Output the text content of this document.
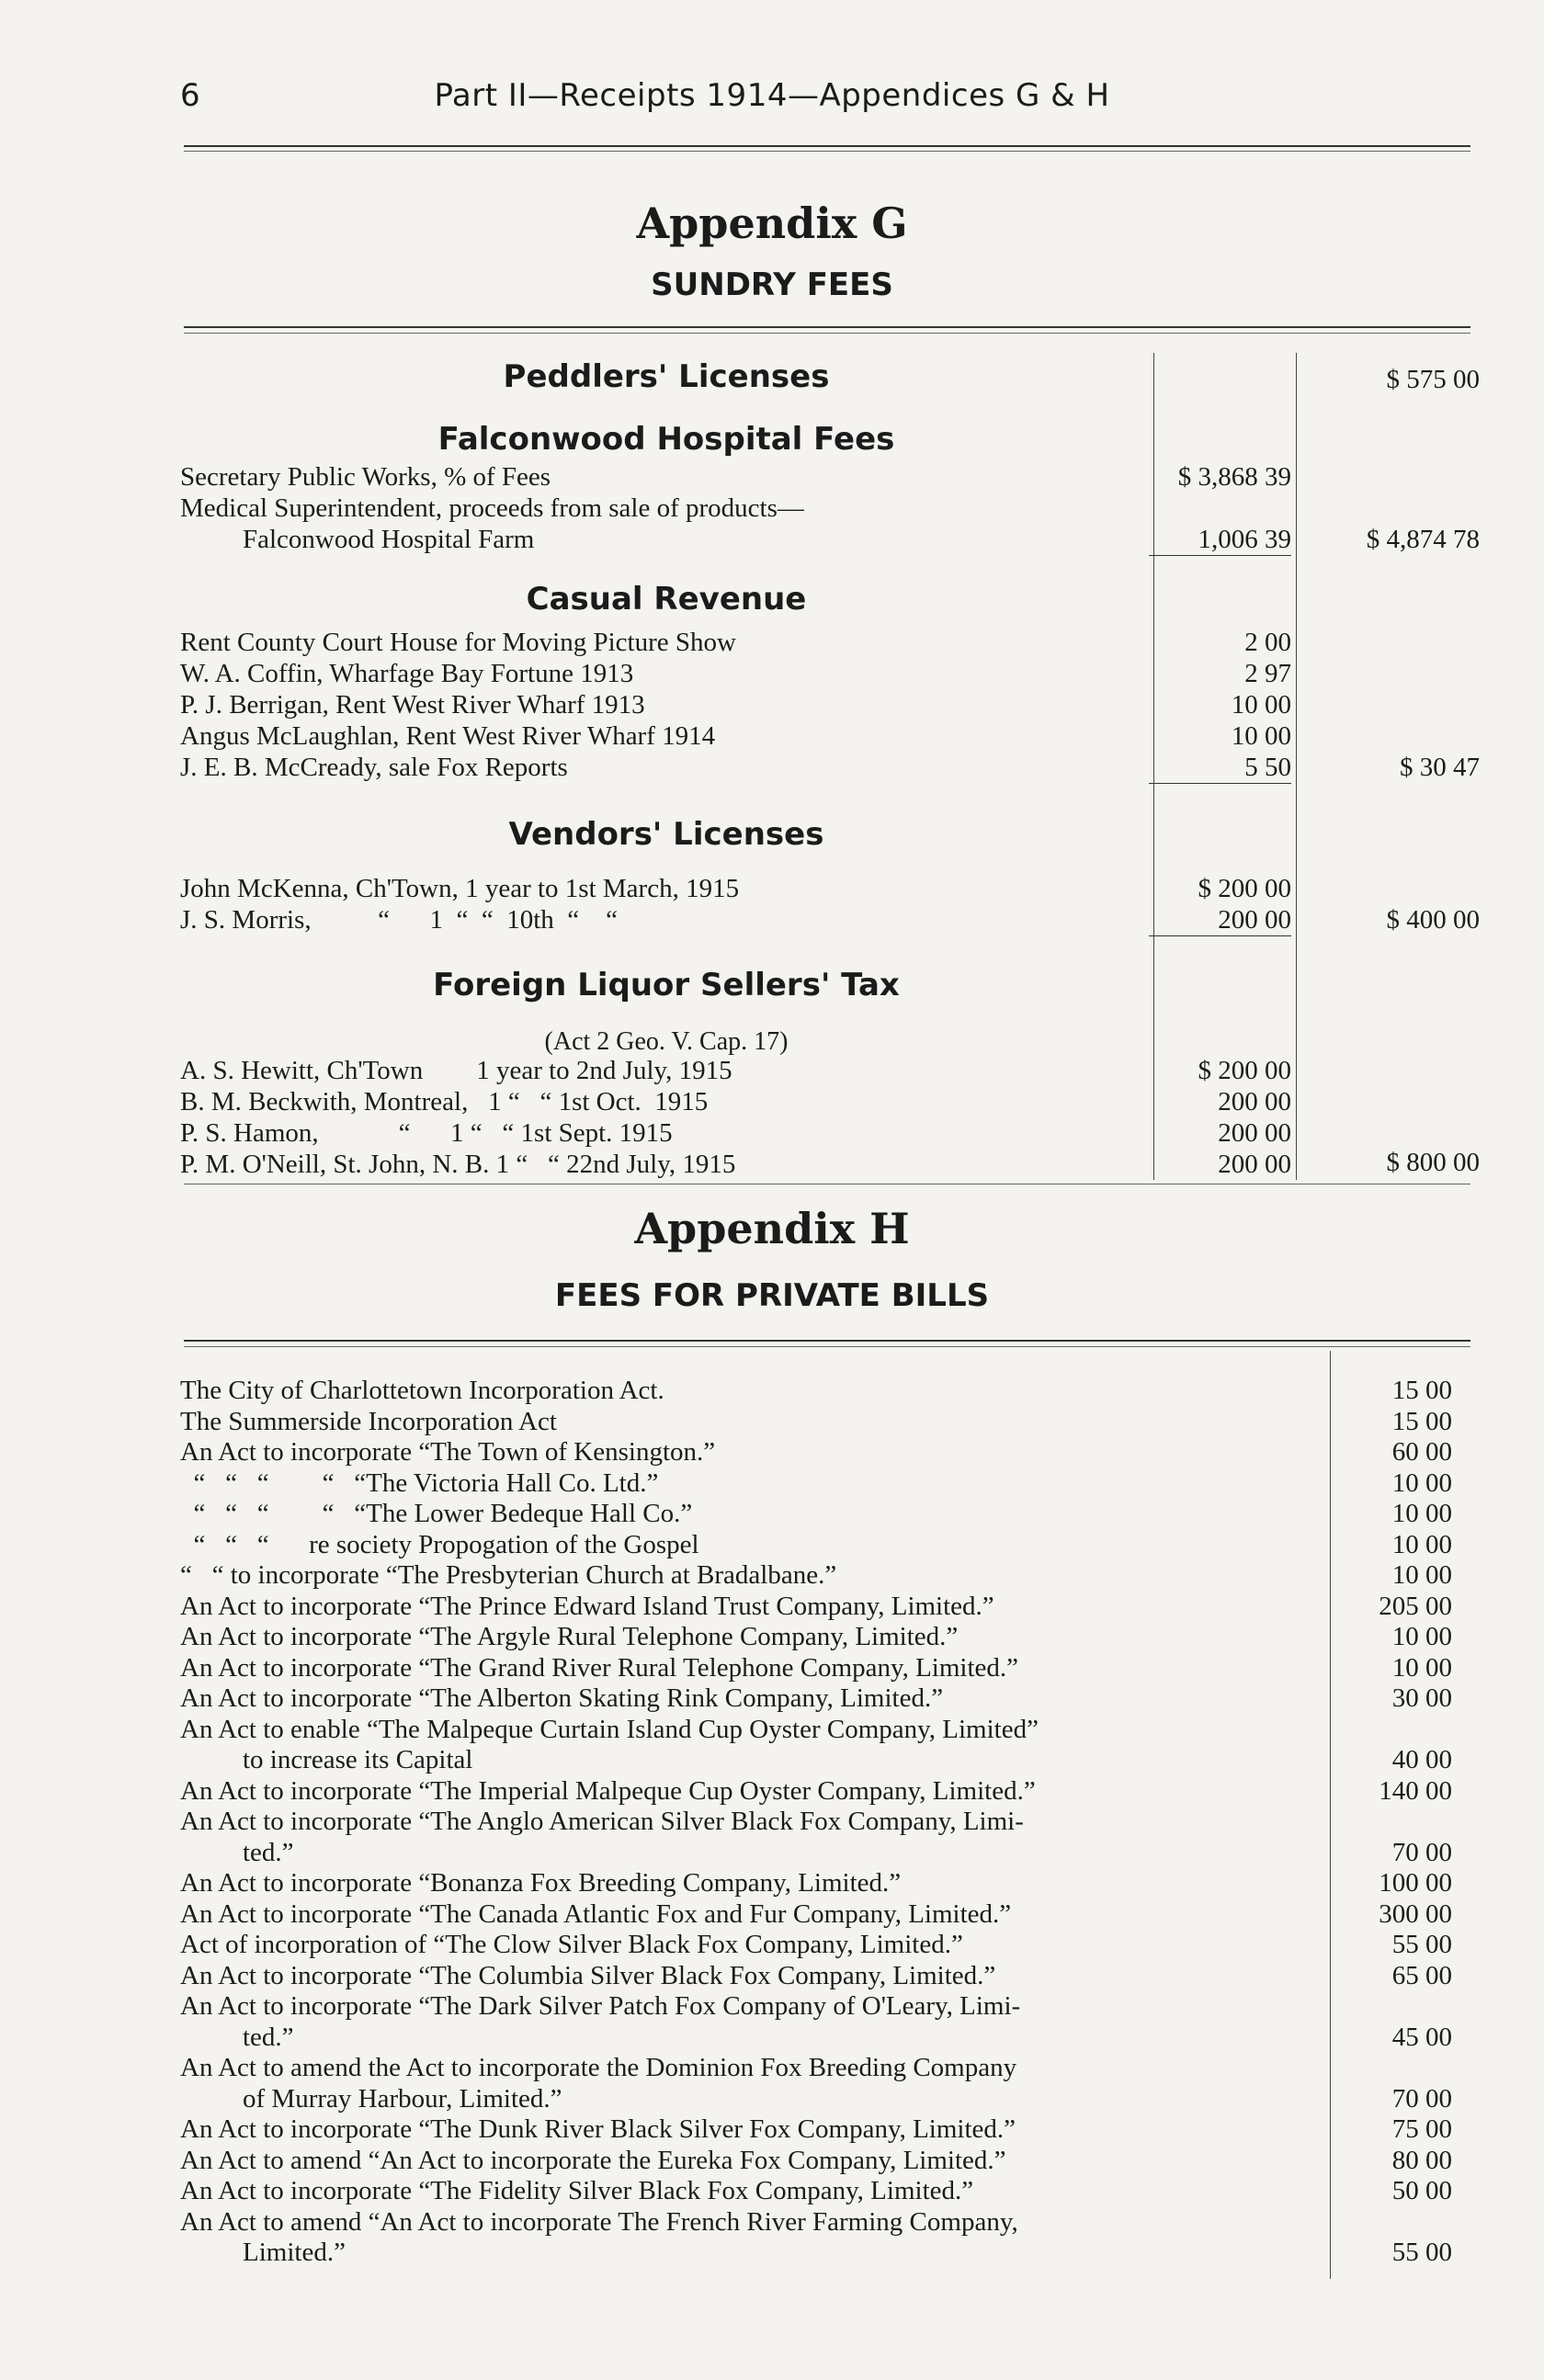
6	Part II—Receipts 1914—Appendices G & H
Appendix G
SUNDRY FEES
Peddlers' Licenses	$ 575 00
Falconwood Hospital Fees
Secretary Public Works, % of Fees	$ 3,868 39
Medical Superintendent, proceeds from sale of products—
Falconwood Hospital Farm	1,006 39	$ 4,874 78
Casual Revenue
Rent County Court House for Moving Picture Show	2 00
W. A. Coffin, Wharfage Bay Fortune 1913	2 97
P. J. Berrigan, Rent West River Wharf 1913	10 00
Angus McLaughlan, Rent West River Wharf 1914	10 00
J. E. B. McCready, sale Fox Reports	5 50	$ 30 47
Vendors' Licenses
John McKenna, Ch'Town, 1 year to 1st March, 1915	$ 200 00
J. S. Morris,          “      1  “  “  10th  “    “	200 00	$ 400 00
Foreign Liquor Sellers' Tax
(Act 2 Geo. V. Cap. 17)
A. S. Hewitt, Ch'Town        1 year to 2nd July, 1915	$ 200 00
B. M. Beckwith, Montreal,   1 “   “ 1st Oct.  1915	200 00
P. S. Hamon,            “      1 “   “ 1st Sept. 1915	200 00
P. M. O'Neill, St. John, N. B. 1 “   “ 22nd July, 1915	200 00	$ 800 00
Appendix H
FEES FOR PRIVATE BILLS
The City of Charlottetown Incorporation Act.	15 00
The Summerside Incorporation Act	15 00
An Act to incorporate “The Town of Kensington.”	60 00
“   “   “        “   “The Victoria Hall Co. Ltd.”	10 00
“   “   “        “   “The Lower Bedeque Hall Co.”	10 00
“   “   “      re society Propogation of the Gospel	10 00
“   “ to incorporate “The Presbyterian Church at Bradalbane.”	10 00
An Act to incorporate “The Prince Edward Island Trust Company, Limited.”	205 00
An Act to incorporate “The Argyle Rural Telephone Company, Limited.”	10 00
An Act to incorporate “The Grand River Rural Telephone Company, Limited.”	10 00
An Act to incorporate “The Alberton Skating Rink Company, Limited.”	30 00
An Act to enable “The Malpeque Curtain Island Cup Oyster Company, Limited”
to increase its Capital	40 00
An Act to incorporate “The Imperial Malpeque Cup Oyster Company, Limited.”	140 00
An Act to incorporate “The Anglo American Silver Black Fox Company, Limi-
ted.”	70 00
An Act to incorporate “Bonanza Fox Breeding Company, Limited.”	100 00
An Act to incorporate “The Canada Atlantic Fox and Fur Company, Limited.”	300 00
Act of incorporation of “The Clow Silver Black Fox Company, Limited.”	55 00
An Act to incorporate “The Columbia Silver Black Fox Company, Limited.”	65 00
An Act to incorporate “The Dark Silver Patch Fox Company of O'Leary, Limi-
ted.”	45 00
An Act to amend the Act to incorporate the Dominion Fox Breeding Company
of Murray Harbour, Limited.”	70 00
An Act to incorporate “The Dunk River Black Silver Fox Company, Limited.”	75 00
An Act to amend “An Act to incorporate the Eureka Fox Company, Limited.”	80 00
An Act to incorporate “The Fidelity Silver Black Fox Company, Limited.”	50 00
An Act to amend “An Act to incorporate The French River Farming Company,
Limited.”	55 00
